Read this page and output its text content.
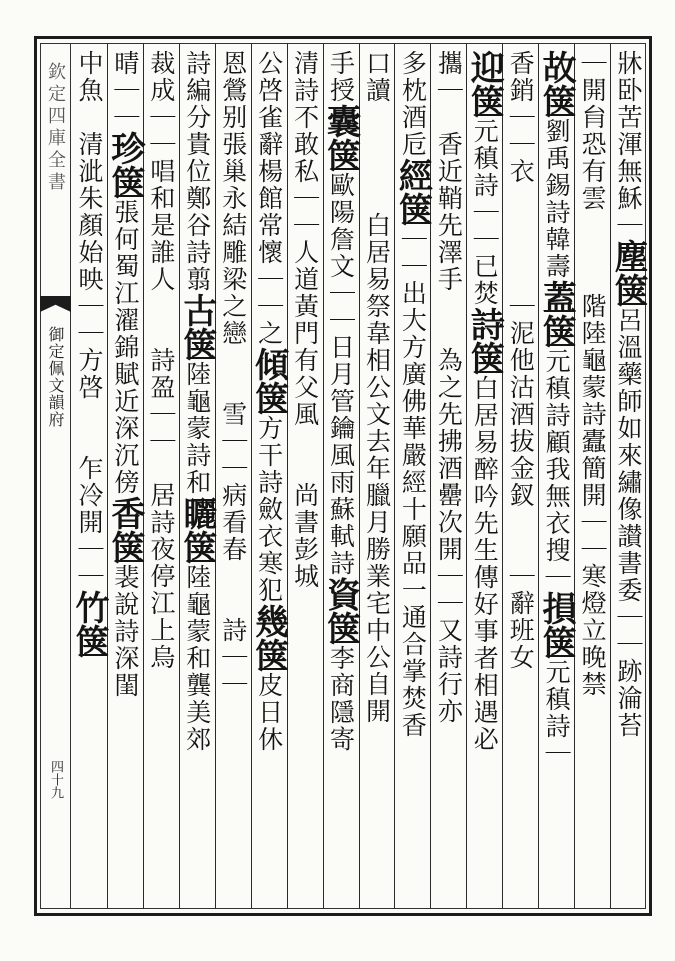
欽定四庫全書
御定佩文韻府
四十九
牀卧苦渾無穌｜塵箧呂溫藥師如來繡像讃書委｜｜跡淪苔
｜開䏍恐有雲　　　階陸龜蒙詩蠹簡開｜｜寒燈立晚禁
故箧劉禹錫詩韓壽蓋箧元稹詩顧我無衣搜｜損箧元稹詩｜
香銷｜｜衣　　　　｜泥他沽酒拔金釵　　｜辭班女
迎箧元稹詩｜｜已焚詩箧白居易醉吟先生傳好事者相遇必
攜｜　香近鞘先澤手　　為之先拂酒罍次開｜｜又詩行亦
多枕酒卮經箧｜｜出大方廣佛華嚴經十願品一通合掌焚香
口讀　　　　白居易祭韋相公文去年臘月勝業宅中公自開
手授囊箧歐陽詹文｜｜日月管鑰風雨蘇軾詩資箧李商隱寄
清詩不敢私｜｜人道黃門有父風　　尚書彭城
公啓雀辭楊館常懷｜｜之傾箧方干詩斂衣寒犯幾箧皮日休
恩鶯别張巢永結雕梁之戀　　雪｜｜病看春　　詩｜｜
詩編分貴位鄭谷詩翦古箧陸龜蒙詩和矖箧陸龜蒙和龔美郊
裁成｜｜唱和是誰人　　詩盈｜｜　居詩夜停江上烏
晴｜｜珍箧張何蜀江濯錦賦近深沉傍香箧裴說詩深閨
中魚　清泚朱顏始映｜｜方啓　　乍冷開｜｜竹箧
